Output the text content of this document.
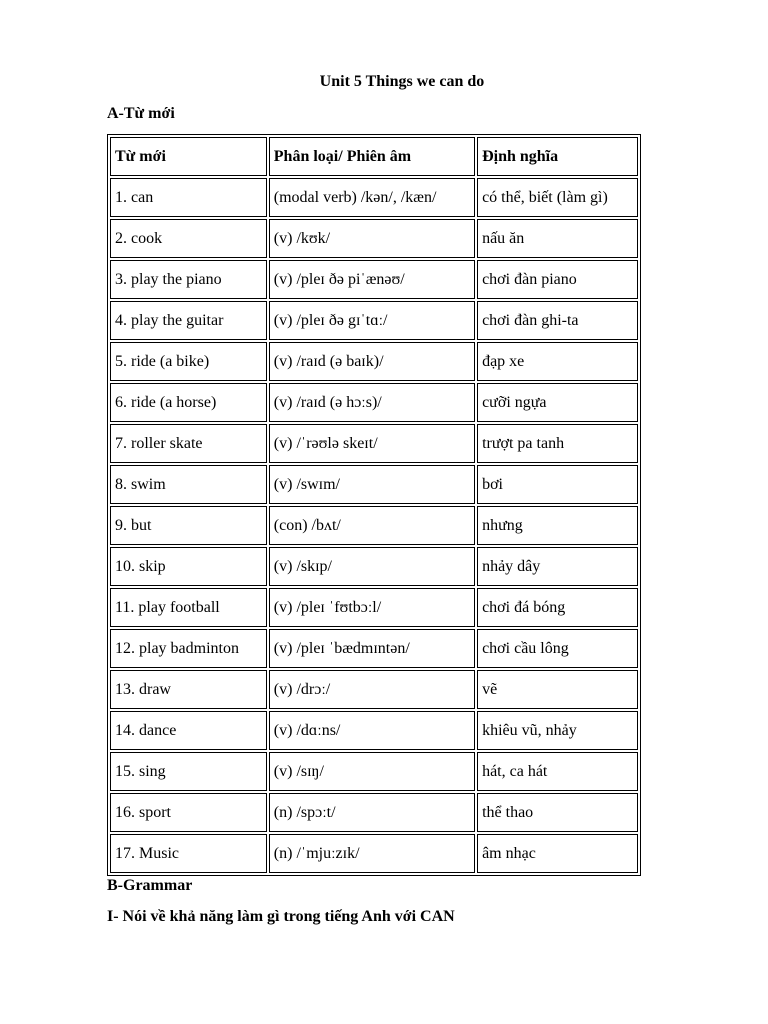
Unit 5 Things we can do
A-Từ mới
Từ mới	Phân loại/ Phiên âm	Định nghĩa
1. can	(modal verb) /kən/, /kæn/	có thể, biết (làm gì)
2. cook	(v) /kʊk/	nấu ăn
3. play the piano	(v) /pleɪ ðə piˈænəʊ/	chơi đàn piano
4. play the guitar	(v) /pleɪ ðə gɪˈtɑː/	chơi đàn ghi-ta
5. ride (a bike)	(v) /raɪd (ə baɪk)/	đạp xe
6. ride (a horse)	(v) /raɪd (ə hɔːs)/	cưỡi ngựa
7. roller skate	(v) /ˈrəʊlə skeɪt/	trượt pa tanh
8. swim	(v) /swɪm/	bơi
9. but	(con) /bʌt/	nhưng
10. skip	(v) /skɪp/	nhảy dây
11. play football	(v) /pleɪ ˈfʊtbɔːl/	chơi đá bóng
12. play badminton	(v) /pleɪ ˈbædmɪntən/	chơi cầu lông
13. draw	(v) /drɔː/	vẽ
14. dance	(v) /dɑːns/	khiêu vũ, nhảy
15. sing	(v) /sɪŋ/	hát, ca hát
16. sport	(n) /spɔːt/	thể thao
17. Music	(n) /ˈmjuːzɪk/	âm nhạc
B-Grammar
I- Nói về khả năng làm gì trong tiếng Anh với CAN
